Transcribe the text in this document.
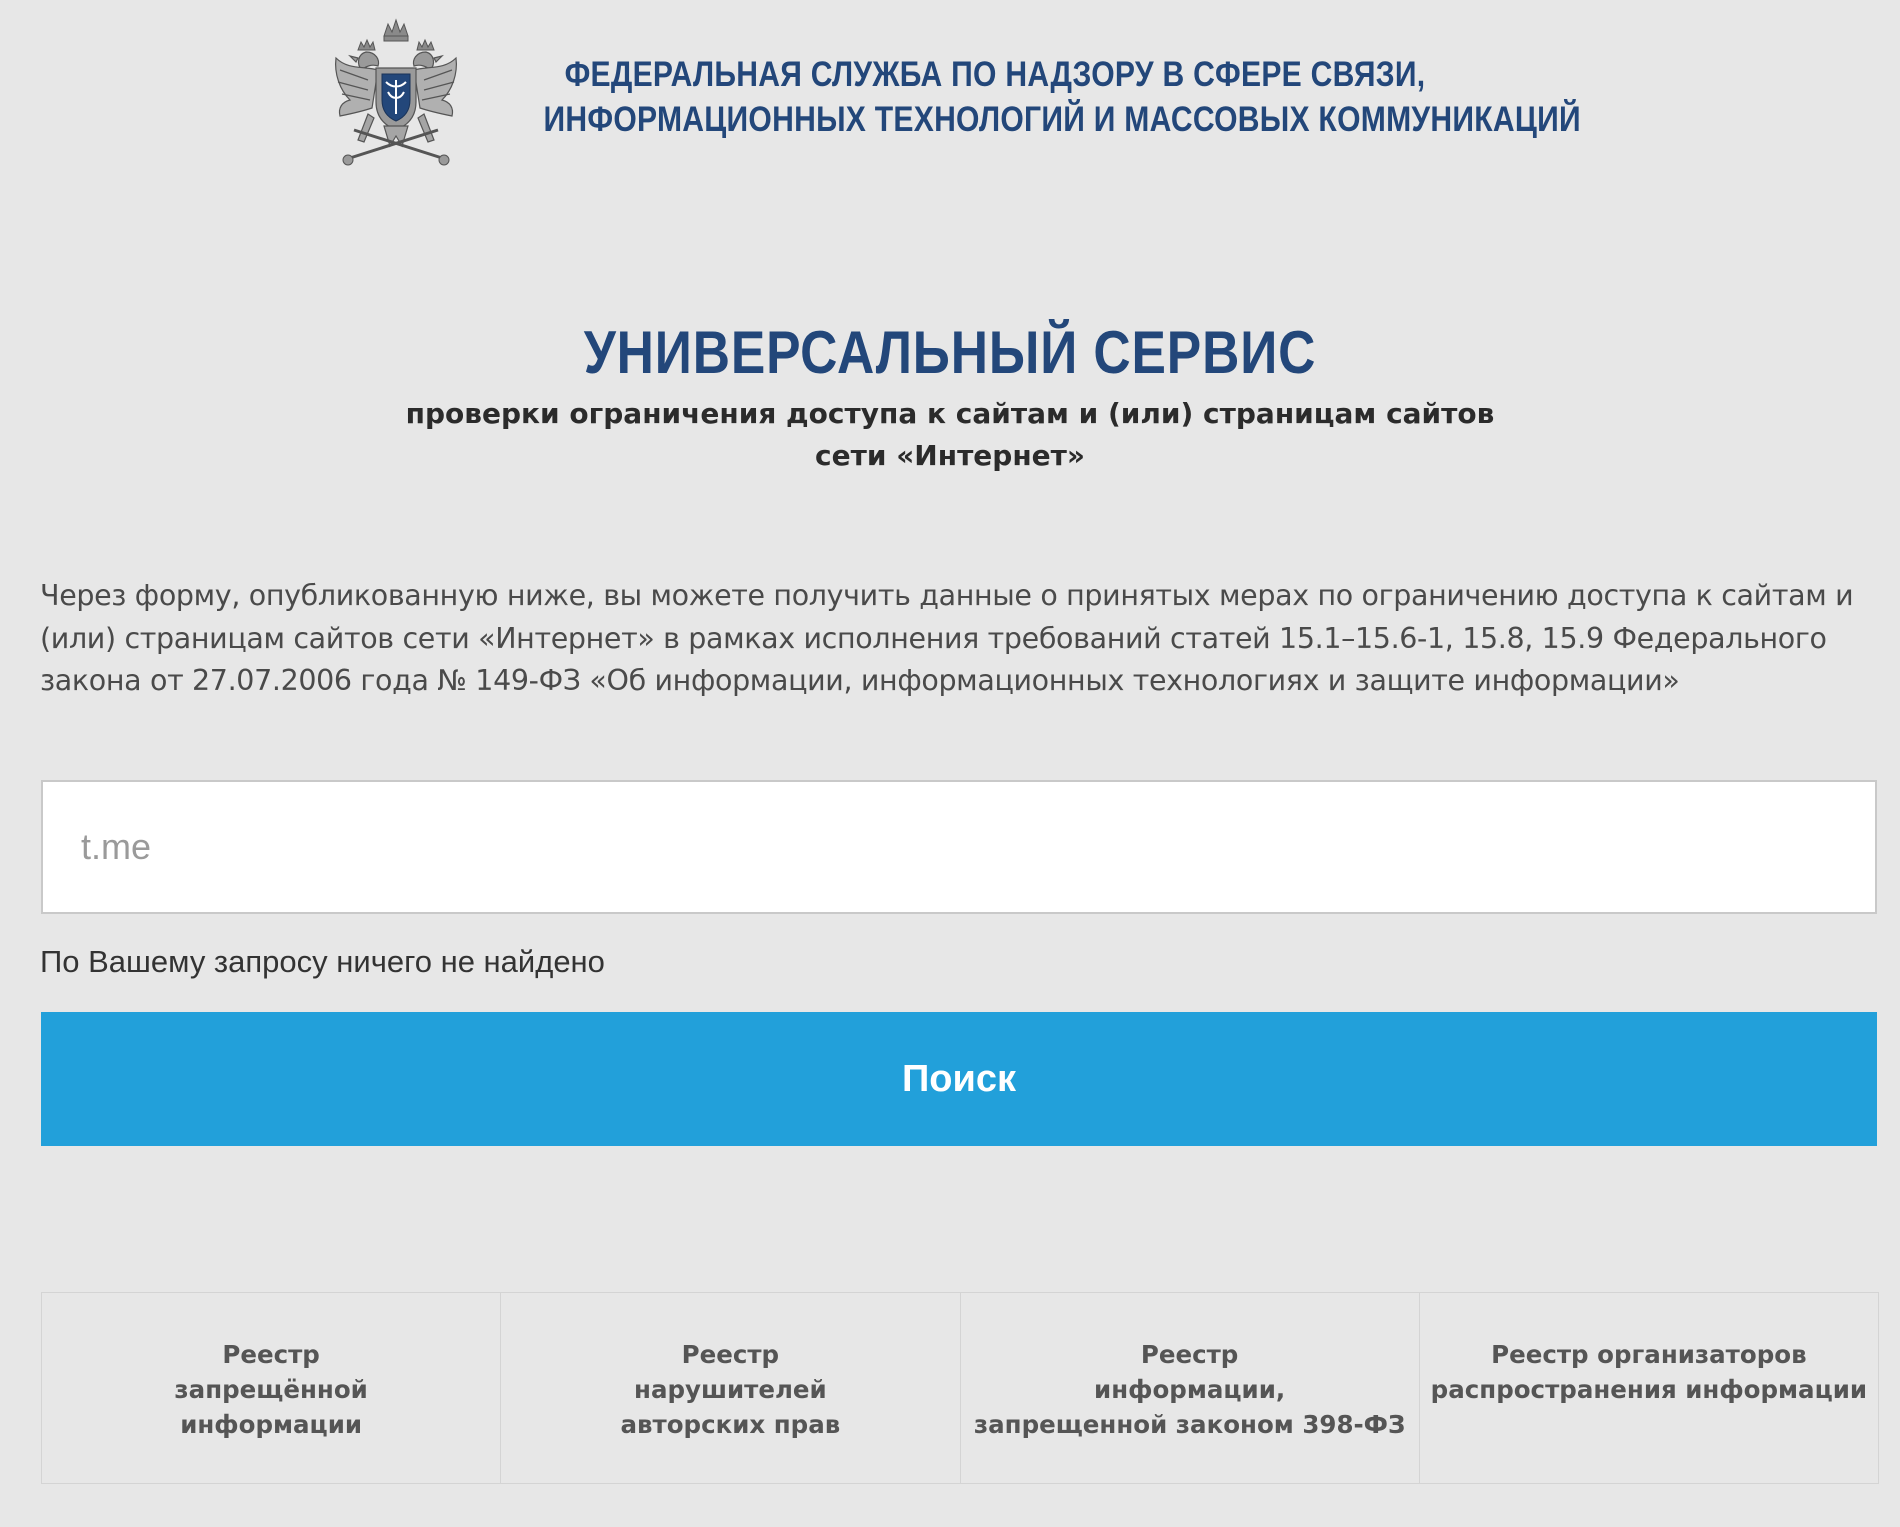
ФЕДЕРАЛЬНАЯ СЛУЖБА ПО НАДЗОРУ В СФЕРЕ СВЯЗИ,
ИНФОРМАЦИОННЫХ ТЕХНОЛОГИЙ И МАССОВЫХ КОММУНИКАЦИЙ
УНИВЕРСАЛЬНЫЙ СЕРВИС
проверки ограничения доступа к сайтам и (или) страницам сайтов
сети «Интернет»

Через форму, опубликованную ниже, вы можете получить данные о принятых мерах по ограничению доступа к сайтам и (или) страницам сайтов сети «Интернет» в рамках исполнения требований статей 15.1–15.6-1, 15.8, 15.9 Федерального закона от 27.07.2006 года № 149-ФЗ «Об информации, информационных технологиях и защите информации»

t.me
По Вашему запросу ничего не найдено
Поиск
Реестр
запрещённой
информации
Реестр
нарушителей
авторских прав
Реестр
информации,
запрещенной законом 398-ФЗ
Реестр организаторов
распространения информации
